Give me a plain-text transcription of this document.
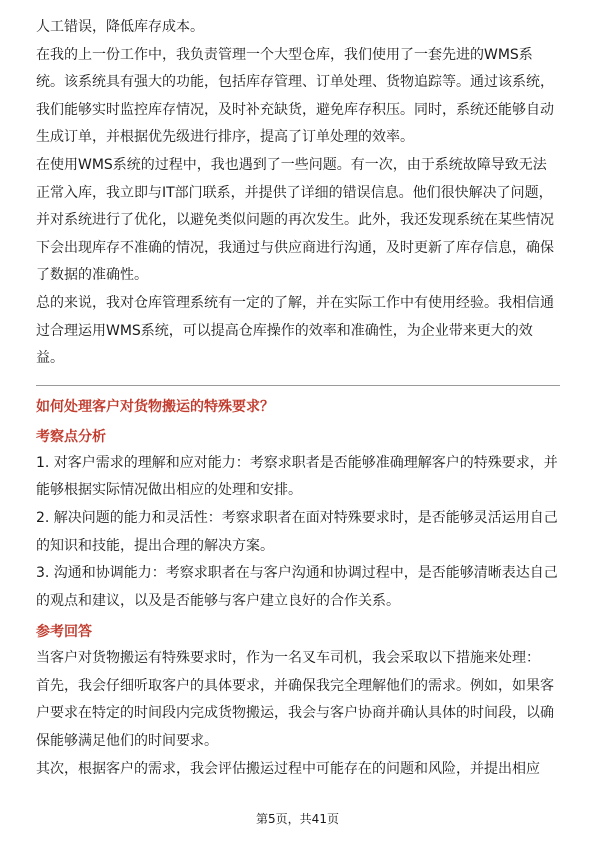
人工错误，降低库存成本。

在我的上一份工作中，我负责管理一个大型仓库，我们使用了一套先进的WMS系统。该系统具有强大的功能，包括库存管理、订单处理、货物追踪等。通过该系统，我们能够实时监控库存情况，及时补充缺货，避免库存积压。同时，系统还能够自动生成订单，并根据优先级进行排序，提高了订单处理的效率。

在使用WMS系统的过程中，我也遇到了一些问题。有一次，由于系统故障导致无法正常入库，我立即与IT部门联系，并提供了详细的错误信息。他们很快解决了问题，并对系统进行了优化，以避免类似问题的再次发生。此外，我还发现系统在某些情况下会出现库存不准确的情况，我通过与供应商进行沟通，及时更新了库存信息，确保了数据的准确性。

总的来说，我对仓库管理系统有一定的了解，并在实际工作中有使用经验。我相信通过合理运用WMS系统，可以提高仓库操作的效率和准确性，为企业带来更大的效益。

如何处理客户对货物搬运的特殊要求？

考察点分析

1. 对客户需求的理解和应对能力：考察求职者是否能够准确理解客户的特殊要求，并能够根据实际情况做出相应的处理和安排。

2. 解决问题的能力和灵活性：考察求职者在面对特殊要求时，是否能够灵活运用自己的知识和技能，提出合理的解决方案。

3. 沟通和协调能力：考察求职者在与客户沟通和协调过程中，是否能够清晰表达自己的观点和建议，以及是否能够与客户建立良好的合作关系。

参考回答

当客户对货物搬运有特殊要求时，作为一名叉车司机，我会采取以下措施来处理：

首先，我会仔细听取客户的具体要求，并确保我完全理解他们的需求。例如，如果客户要求在特定的时间段内完成货物搬运，我会与客户协商并确认具体的时间段，以确保能够满足他们的时间要求。

其次，根据客户的需求，我会评估搬运过程中可能存在的问题和风险，并提出相应

第5页，共41页
